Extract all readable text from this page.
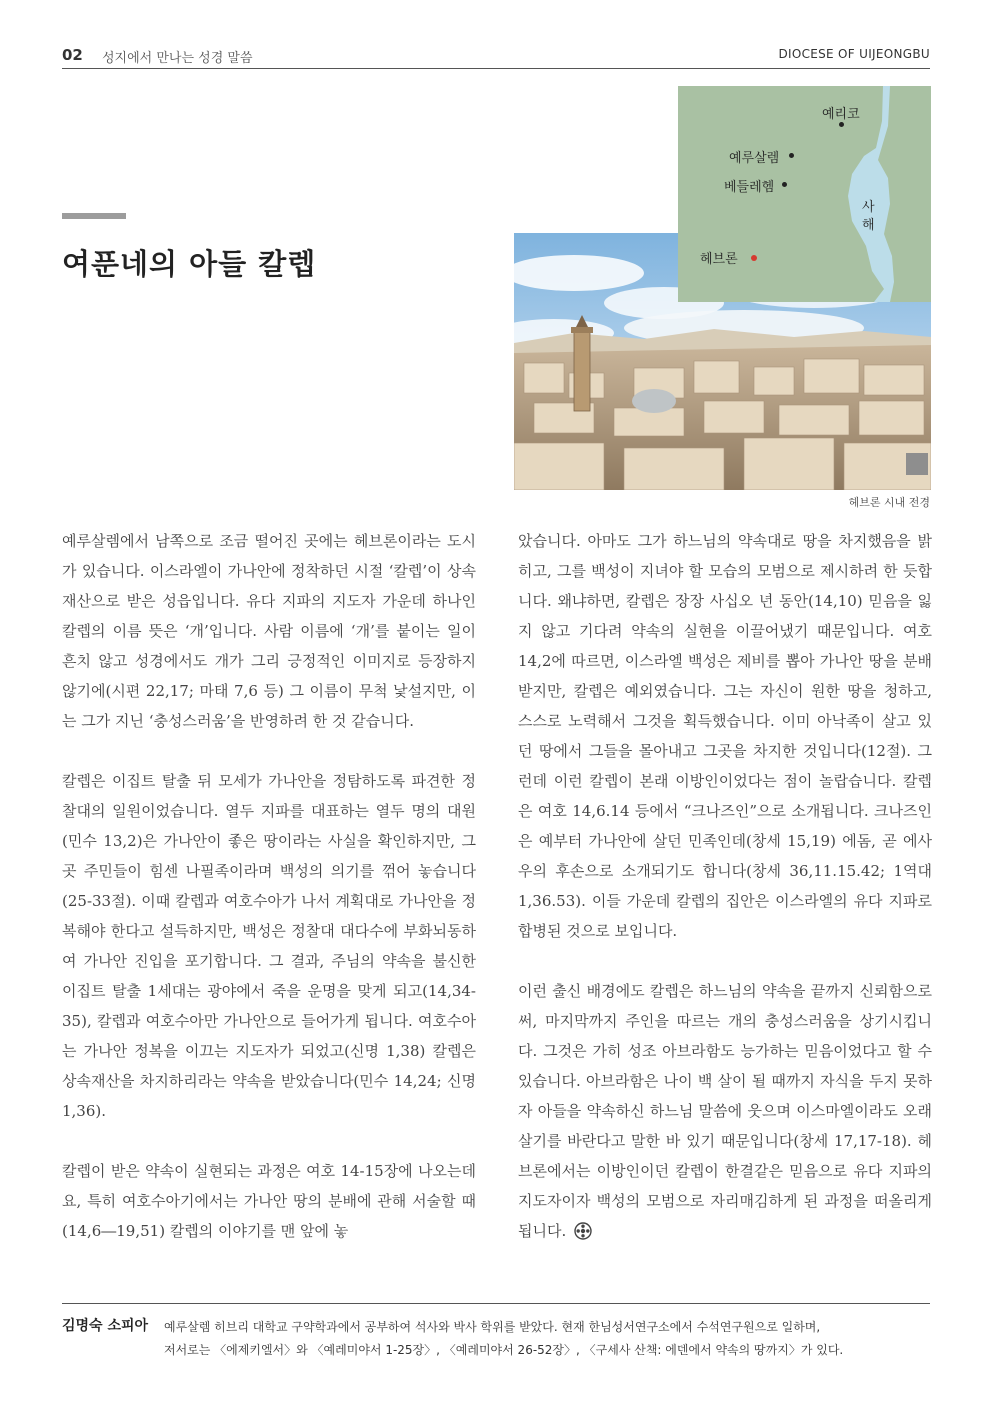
02 성지에서 만나는 성경 말씀	DIOCESE OF UIJEONGBU
여푼네의 아들 칼렙
예리코
예루살렘
베들레헴
헤브론
사
해
헤브론 시내 전경

예루살렘에서 남쪽으로 조금 떨어진 곳에는 헤브론이라는 도시가 있습니다. 이스라엘이 가나안에 정착하던 시절 ‘칼렙’이 상속재산으로 받은 성읍입니다. 유다 지파의 지도자 가운데 하나인 칼렙의 이름 뜻은 ‘개’입니다. 사람 이름에 ‘개’를 붙이는 일이 흔치 않고 성경에서도 개가 그리 긍정적인 이미지로 등장하지 않기에(시편 22,17; 마태 7,6 등) 그 이름이 무척 낯설지만, 이는 그가 지닌 ‘충성스러움’을 반영하려 한 것 같습니다.

칼렙은 이집트 탈출 뒤 모세가 가나안을 정탐하도록 파견한 정찰대의 일원이었습니다. 열두 지파를 대표하는 열두 명의 대원(민수 13,2)은 가나안이 좋은 땅이라는 사실을 확인하지만, 그곳 주민들이 힘센 나필족이라며 백성의 의기를 꺾어 놓습니다(25-33절). 이때 칼렙과 여호수아가 나서 계획대로 가나안을 정복해야 한다고 설득하지만, 백성은 정찰대 대다수에 부화뇌동하여 가나안 진입을 포기합니다. 그 결과, 주님의 약속을 불신한 이집트 탈출 1세대는 광야에서 죽을 운명을 맞게 되고(14,34-35), 칼렙과 여호수아만 가나안으로 들어가게 됩니다. 여호수아는 가나안 정복을 이끄는 지도자가 되었고(신명 1,38) 칼렙은 상속재산을 차지하리라는 약속을 받았습니다(민수 14,24; 신명 1,36).

칼렙이 받은 약속이 실현되는 과정은 여호 14-15장에 나오는데요, 특히 여호수아기에서는 가나안 땅의 분배에 관해 서술할 때(14,6―19,51) 칼렙의 이야기를 맨 앞에 놓

았습니다. 아마도 그가 하느님의 약속대로 땅을 차지했음을 밝히고, 그를 백성이 지녀야 할 모습의 모범으로 제시하려 한 듯합니다. 왜냐하면, 칼렙은 장장 사십오 년 동안(14,10) 믿음을 잃지 않고 기다려 약속의 실현을 이끌어냈기 때문입니다. 여호 14,2에 따르면, 이스라엘 백성은 제비를 뽑아 가나안 땅을 분배받지만, 칼렙은 예외였습니다. 그는 자신이 원한 땅을 청하고, 스스로 노력해서 그것을 획득했습니다. 이미 아낙족이 살고 있던 땅에서 그들을 몰아내고 그곳을 차지한 것입니다(12절). 그런데 이런 칼렙이 본래 이방인이었다는 점이 놀랍습니다. 칼렙은 여호 14,6.14 등에서 “크나즈인”으로 소개됩니다. 크나즈인은 예부터 가나안에 살던 민족인데(창세 15,19) 에돔, 곧 에사우의 후손으로 소개되기도 합니다(창세 36,11.15.42; 1역대 1,36.53). 이들 가운데 칼렙의 집안은 이스라엘의 유다 지파로 합병된 것으로 보입니다.

이런 출신 배경에도 칼렙은 하느님의 약속을 끝까지 신뢰함으로써, 마지막까지 주인을 따르는 개의 충성스러움을 상기시킵니다. 그것은 가히 성조 아브라함도 능가하는 믿음이었다고 할 수 있습니다. 아브라함은 나이 백 살이 될 때까지 자식을 두지 못하자 아들을 약속하신 하느님 말씀에 웃으며 이스마엘이라도 오래 살기를 바란다고 말한 바 있기 때문입니다(창세 17,17-18). 헤브론에서는 이방인이던 칼렙이 한결같은 믿음으로 유다 지파의 지도자이자 백성의 모범으로 자리매김하게 된 과정을 떠올리게 됩니다.

김명숙 소피아 예루살렘 히브리 대학교 구약학과에서 공부하여 석사와 박사 학위를 받았다. 현재 한님성서연구소에서 수석연구원으로 일하며,
저서로는 〈에제키엘서〉와 〈예레미야서 1-25장〉, 〈예레미야서 26-52장〉, 〈구세사 산책: 에덴에서 약속의 땅까지〉가 있다.
